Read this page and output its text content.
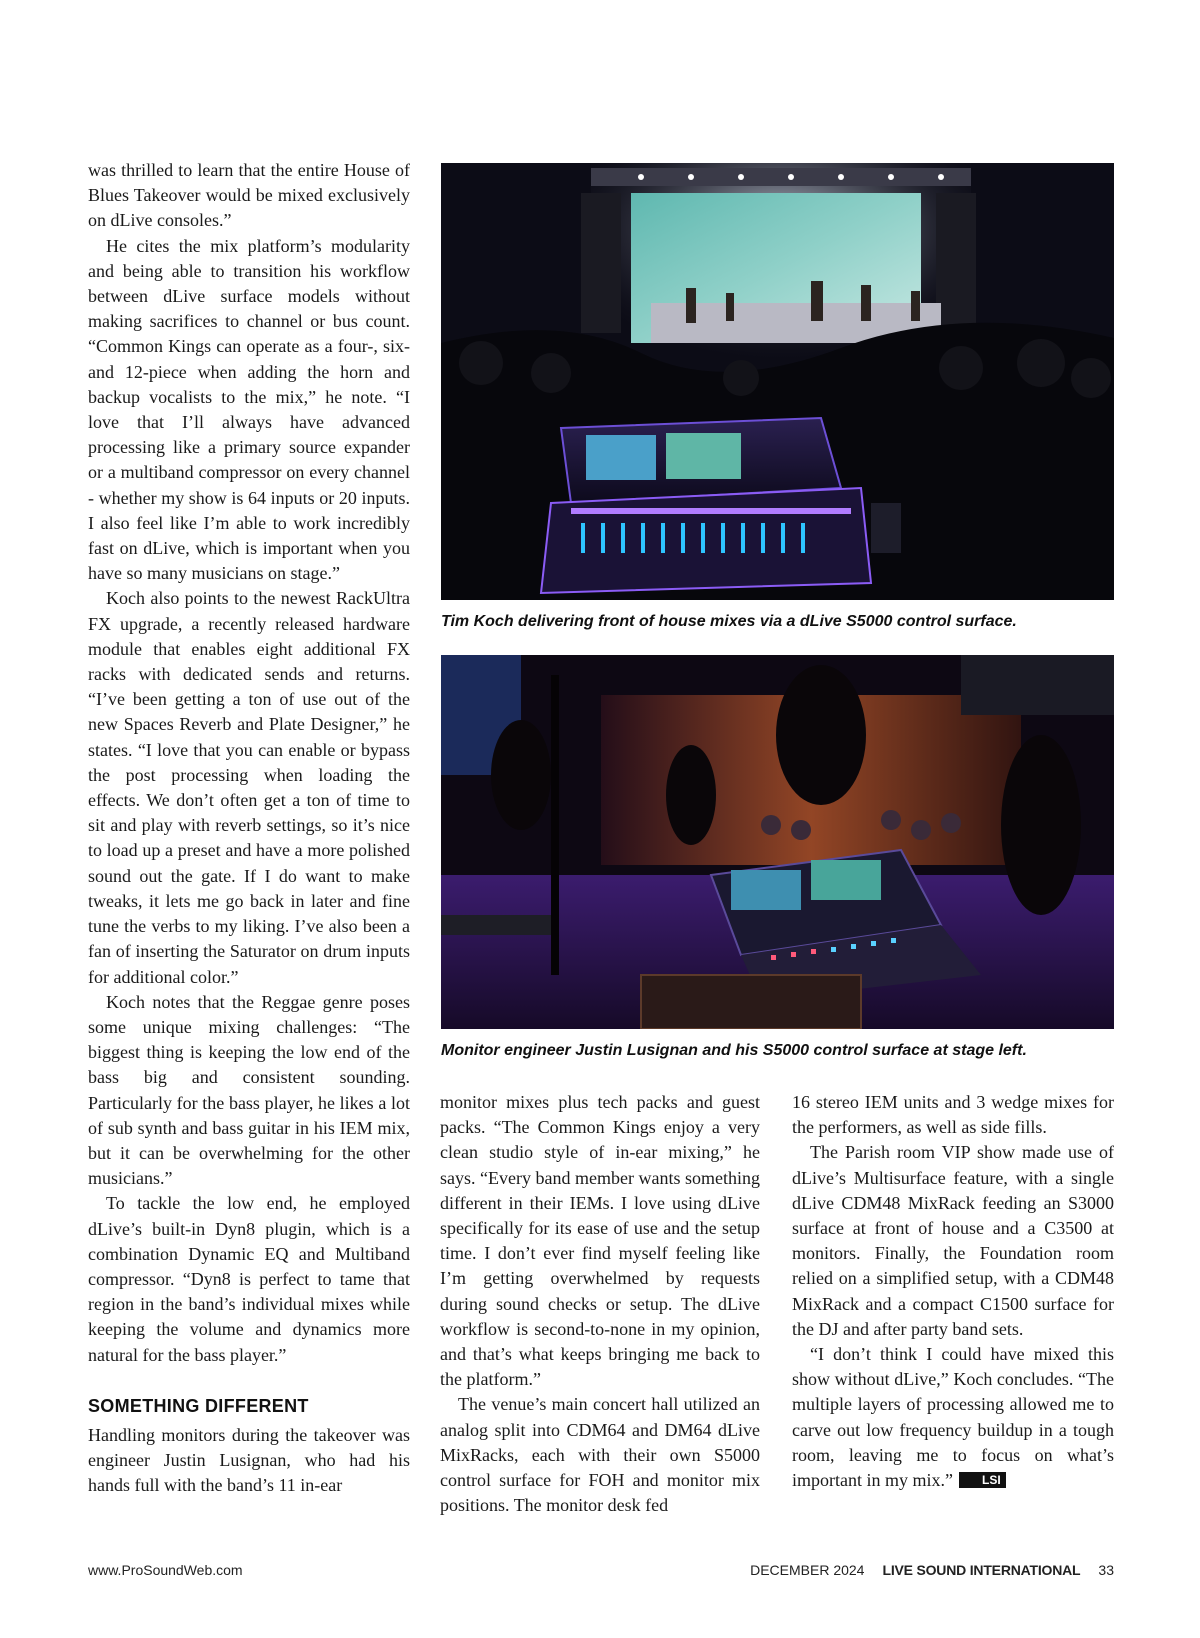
was thrilled to learn that the entire House of Blues Takeover would be mixed exclusively on dLive consoles.”

He cites the mix platform’s modularity and being able to transition his workflow between dLive surface models without making sacrifices to channel or bus count. “Common Kings can operate as a four-, six- and 12-piece when adding the horn and backup vocalists to the mix,” he note. “I love that I’ll always have advanced processing like a primary source expander or a multiband compressor on every channel - whether my show is 64 inputs or 20 inputs. I also feel like I’m able to work incredibly fast on dLive, which is important when you have so many musicians on stage.”

Koch also points to the newest RackUltra FX upgrade, a recently released hardware module that enables eight additional FX racks with dedicated sends and returns. “I’ve been getting a ton of use out of the new Spaces Reverb and Plate Designer,” he states. “I love that you can enable or bypass the post processing when loading the effects. We don’t often get a ton of time to sit and play with reverb settings, so it’s nice to load up a preset and have a more polished sound out the gate. If I do want to make tweaks, it lets me go back in later and fine tune the verbs to my liking. I’ve also been a fan of inserting the Saturator on drum inputs for additional color.”

Koch notes that the Reggae genre poses some unique mixing challenges: “The biggest thing is keeping the low end of the bass big and consistent sounding. Particularly for the bass player, he likes a lot of sub synth and bass guitar in his IEM mix, but it can be overwhelming for the other musicians.”

To tackle the low end, he employed dLive’s built-in Dyn8 plugin, which is a combination Dynamic EQ and Multiband compressor. “Dyn8 is perfect to tame that region in the band’s individual mixes while keeping the volume and dynamics more natural for the bass player.”

SOMETHING DIFFERENT

Handling monitors during the takeover was engineer Justin Lusignan, who had his hands full with the band’s 11 in-ear

Tim Koch delivering front of house mixes via a dLive S5000 control surface.
Monitor engineer Justin Lusignan and his S5000 control surface at stage left.

monitor mixes plus tech packs and guest packs. “The Common Kings enjoy a very clean studio style of in-ear mixing,” he says. “Every band member wants something different in their IEMs. I love using dLive specifically for its ease of use and the setup time. I don’t ever find myself feeling like I’m getting overwhelmed by requests during sound checks or setup. The dLive workflow is second-to-none in my opinion, and that’s what keeps bringing me back to the platform.”

The venue’s main concert hall utilized an analog split into CDM64 and DM64 dLive MixRacks, each with their own S5000 control surface for FOH and monitor mix positions. The monitor desk fed

16 stereo IEM units and 3 wedge mixes for the performers, as well as side fills.

The Parish room VIP show made use of dLive’s Multisurface feature, with a single dLive CDM48 MixRack feeding an S3000 surface at front of house and a C3500 at monitors. Finally, the Foundation room relied on a simplified setup, with a CDM48 MixRack and a compact C1500 surface for the DJ and after party band sets.

“I don’t think I could have mixed this show without dLive,” Koch concludes. “The multiple layers of processing allowed me to carve out low frequency buildup in a tough room, leaving me to focus on what’s important in my mix.” LSI

www.ProSoundWeb.com	DECEMBER 2024 LIVE SOUND INTERNATIONAL 33
